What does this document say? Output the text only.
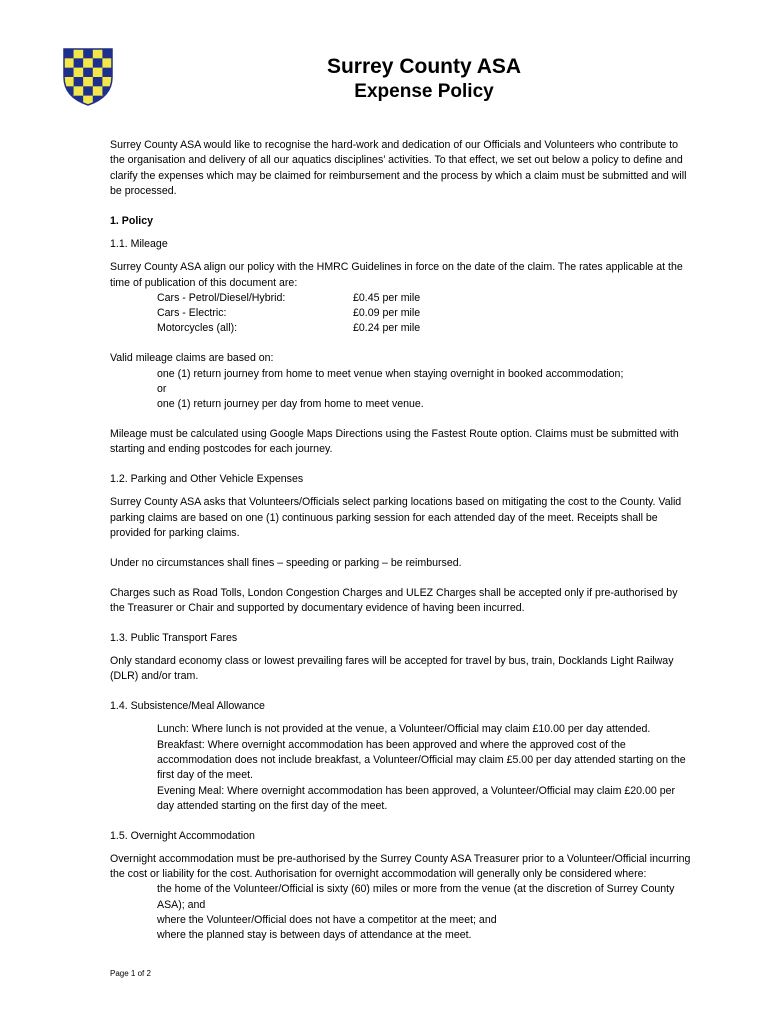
Surrey County ASA
Expense Policy

Surrey County ASA would like to recognise the hard-work and dedication of our Officials and Volunteers who contribute to the organisation and delivery of all our aquatics disciplines’ activities. To that effect, we set out below a policy to define and clarify the expenses which may be claimed for reimbursement and the process by which a claim must be submitted and will be processed.

1. Policy

1.1. Mileage

Surrey County ASA align our policy with the HMRC Guidelines in force on the date of the claim. The rates applicable at the time of publication of this document are:

Cars - Petrol/Diesel/Hybrid:	£0.45 per mile
Cars - Electric:	£0.09 per mile
Motorcycles (all):	£0.24 per mile

Valid mileage claims are based on:

one (1) return journey from home to meet venue when staying overnight in booked accommodation;

or

one (1) return journey per day from home to meet venue.

Mileage must be calculated using Google Maps Directions using the Fastest Route option. Claims must be submitted with starting and ending postcodes for each journey.

1.2. Parking and Other Vehicle Expenses

Surrey County ASA asks that Volunteers/Officials select parking locations based on mitigating the cost to the County. Valid parking claims are based on one (1) continuous parking session for each attended day of the meet. Receipts shall be provided for parking claims.

Under no circumstances shall fines – speeding or parking – be reimbursed.

Charges such as Road Tolls, London Congestion Charges and ULEZ Charges shall be accepted only if pre-authorised by the Treasurer or Chair and supported by documentary evidence of having been incurred.

1.3. Public Transport Fares

Only standard economy class or lowest prevailing fares will be accepted for travel by bus, train, Docklands Light Railway (DLR) and/or tram.

1.4. Subsistence/Meal Allowance

Lunch: Where lunch is not provided at the venue, a Volunteer/Official may claim £10.00 per day attended.

Breakfast: Where overnight accommodation has been approved and where the approved cost of the accommodation does not include breakfast, a Volunteer/Official may claim £5.00 per day attended starting on the first day of the meet.

Evening Meal: Where overnight accommodation has been approved, a Volunteer/Official may claim £20.00 per day attended starting on the first day of the meet.

1.5. Overnight Accommodation

Overnight accommodation must be pre-authorised by the Surrey County ASA Treasurer prior to a Volunteer/Official incurring the cost or liability for the cost. Authorisation for overnight accommodation will generally only be considered where:

the home of the Volunteer/Official is sixty (60) miles or more from the venue (at the discretion of Surrey County ASA); and

where the Volunteer/Official does not have a competitor at the meet; and

where the planned stay is between days of attendance at the meet.

Page 1 of 2
